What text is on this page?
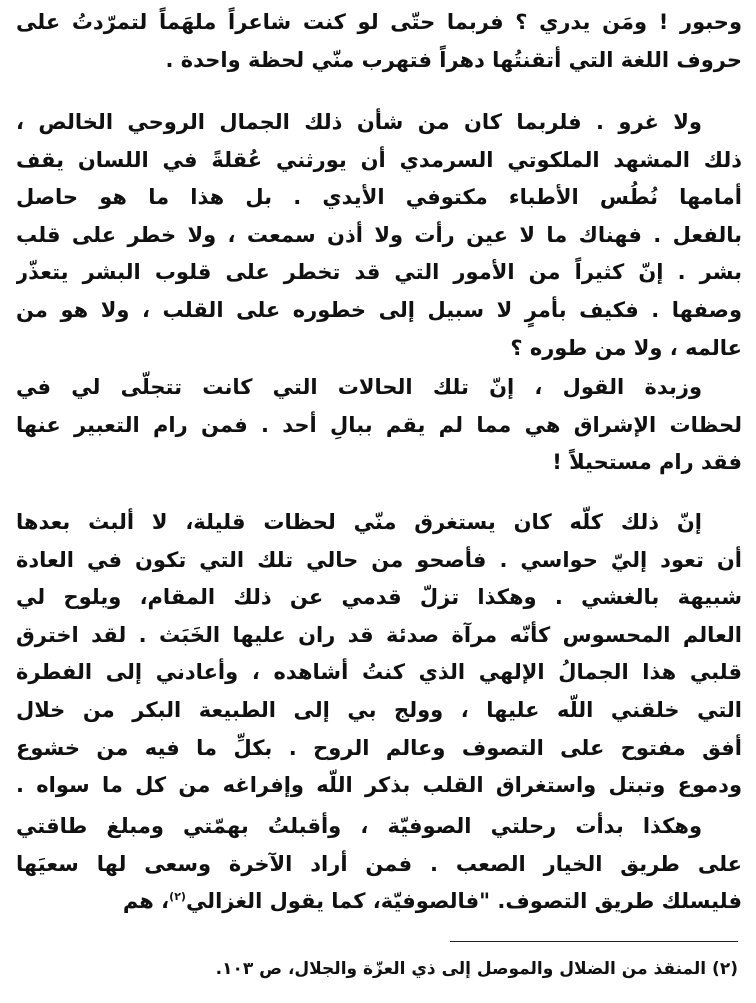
وحبور ! ومَن يدري ؟ فربما حتّى لو كنت شاعراً ملهَماً لتمرّدتُ على
حروف اللغة التي أتقنتُها دهراً فتهرب منّي لحظة واحدة .
ولا غرو . فلربما كان من شأن ذلك الجمال الروحي الخالص ،
ذلك المشهد الملكوتي السرمدي أن يورثني عُقلةً في اللسان يقف
أمامها نُطُس الأطباء مكتوفي الأيدي . بل هذا ما هو حاصل
بالفعل . فهناك ما لا عين رأت ولا أذن سمعت ، ولا خطر على قلب
بشر . إنّ كثيراً من الأمور التي قد تخطر على قلوب البشر يتعذّر
وصفها . فكيف بأمرٍ لا سبيل إلى خطوره على القلب ، ولا هو من
عالمه ، ولا من طوره ؟
وزبدة القول ، إنّ تلك الحالات التي كانت تتجلّى لي في
لحظات الإشراق هي مما لم يقم ببالِ أحد . فمن رام التعبير عنها
فقد رام مستحيلاً !
إنّ ذلك كلّه كان يستغرق منّي لحظات قليلة، لا ألبث بعدها
أن تعود إليّ حواسي . فأصحو من حالي تلك التي تكون في العادة
شبيهة بالغشي . وهكذا تزلّ قدمي عن ذلك المقام، ويلوح لي
العالم المحسوس كأنّه مرآة صدئة قد ران عليها الخَبَث . لقد اخترق
قلبي هذا الجمالُ الإلهي الذي كنتُ أشاهده ، وأعادني إلى الفطرة
التي خلقني اللّه عليها ، وولج بي إلى الطبيعة البكر من خلال
أفق مفتوح على التصوف وعالم الروح . بكلِّ ما فيه من خشوع
ودموع وتبتل واستغراق القلب بذكر اللّه وإفراغه من كل ما سواه .
وهكذا بدأت رحلتي الصوفيّة ، وأقبلتُ بهمّتي ومبلغ طاقتي
على طريق الخيار الصعب . فمن أراد الآخرة وسعى لها سعيَها
فليسلك طريق التصوف. "فالصوفيّة، كما يقول الغزالي$^{(٢)}$، هم
(٢) المنقذ من الضلال والموصل إلى ذي العزّة والجلال، ص ١٠٣.
